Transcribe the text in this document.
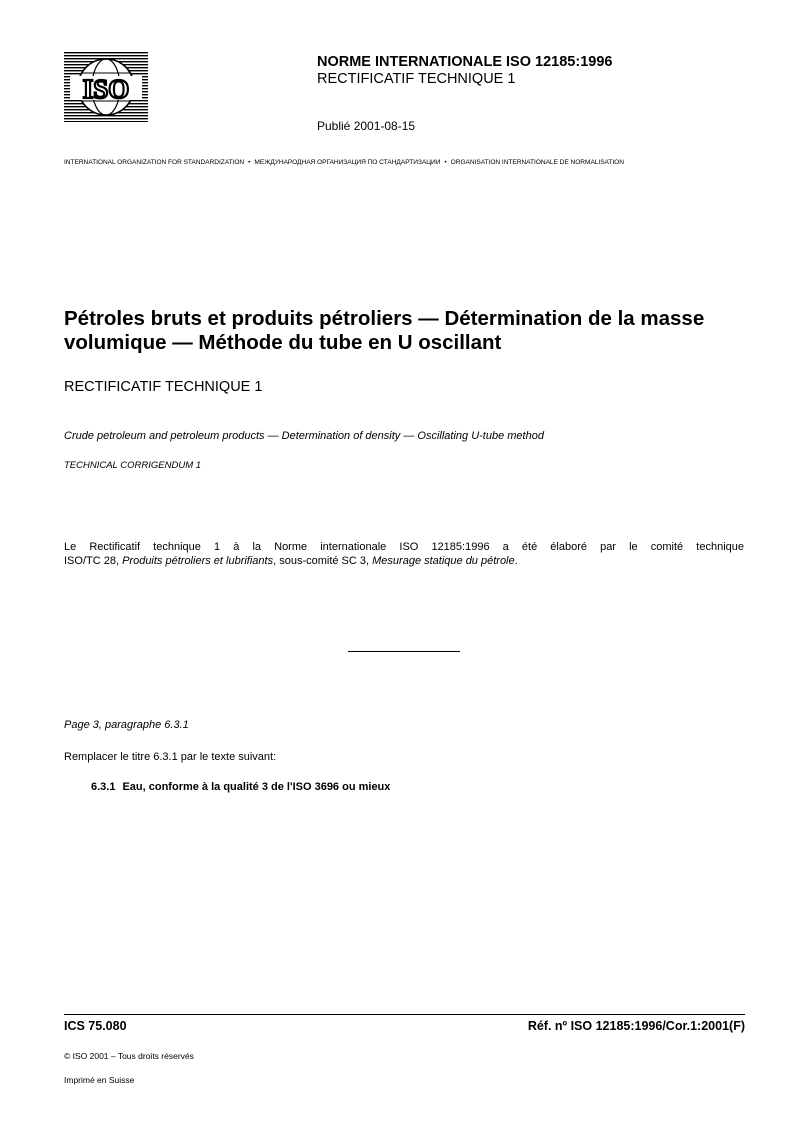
ISO
NORME INTERNATIONALE ISO 12185:1996
RECTIFICATIF TECHNIQUE 1
Publié 2001-08-15
INTERNATIONAL ORGANIZATION FOR STANDARDIZATION • МЕЖДУНАРОДНАЯ ОРГАНИЗАЦИЯ ПО СТАНДАРТИЗАЦИИ • ORGANISATION INTERNATIONALE DE NORMALISATION
Pétroles bruts et produits pétroliers — Détermination de la masse
volumique — Méthode du tube en U oscillant
RECTIFICATIF TECHNIQUE 1
Crude petroleum and petroleum products — Determination of density — Oscillating U-tube method
TECHNICAL CORRIGENDUM 1
Le Rectificatif technique 1 à la Norme internationale ISO 12185:1996 a été élaboré par le comité technique
ISO/TC 28, Produits pétroliers et lubrifiants, sous-comité SC 3, Mesurage statique du pétrole.
Page 3, paragraphe 6.3.1
Remplacer le titre 6.3.1 par le texte suivant:
6.3.1 Eau, conforme à la qualité 3 de l'ISO 3696 ou mieux
ICS 75.080	Réf. nº ISO 12185:1996/Cor.1:2001(F)
© ISO 2001 – Tous droits réservés
Imprimé en Suisse
